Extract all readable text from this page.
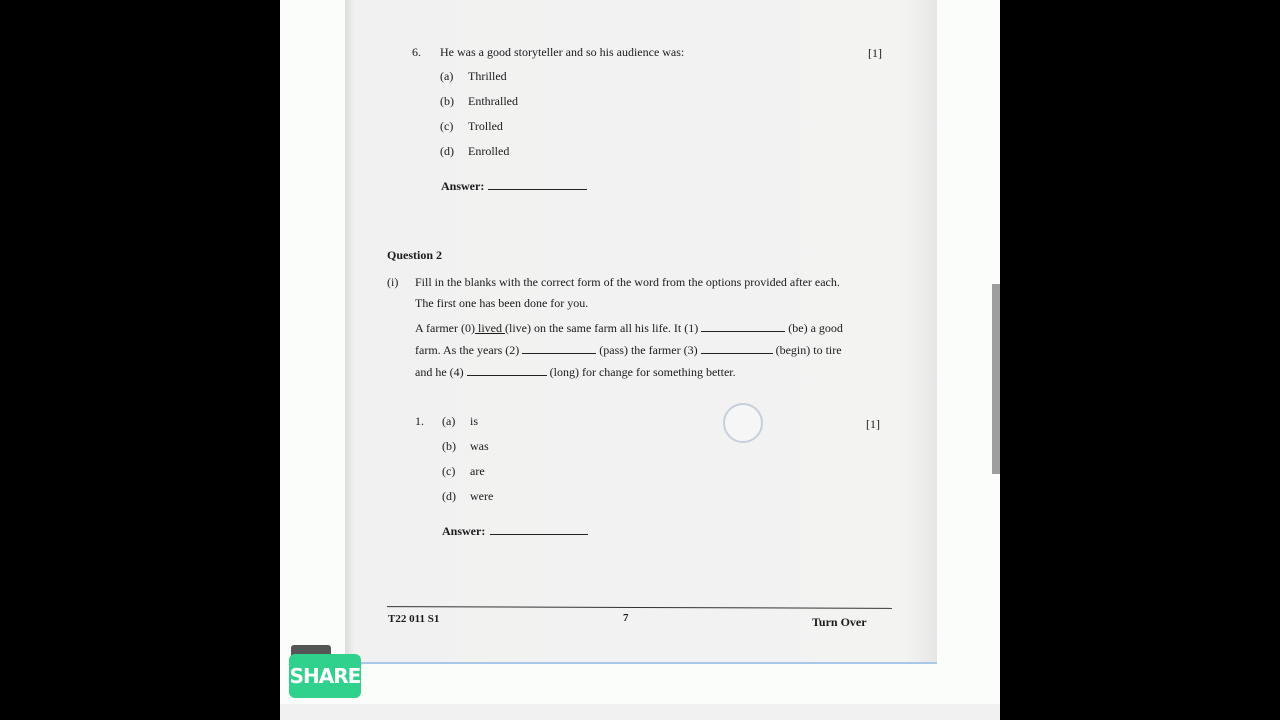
6. He was a good storyteller and so his audience was:	[1]
(a) Thrilled
(b) Enthralled
(c) Trolled
(d) Enrolled
Answer:
Question 2
(i) Fill in the blanks with the correct form of the word from the options provided after each.
The first one has been done for you.
A farmer (0) lived (live) on the same farm all his life. It (1)	(be) a good
farm. As the years (2)	(pass) the farmer (3)	(begin) to tire
and he (4)	(long) for change for something better.
1.	[1]
(a) is
(b) was
(c) are
(d) were
Answer:
T22 011 S1	7	Turn Over
SHARE
